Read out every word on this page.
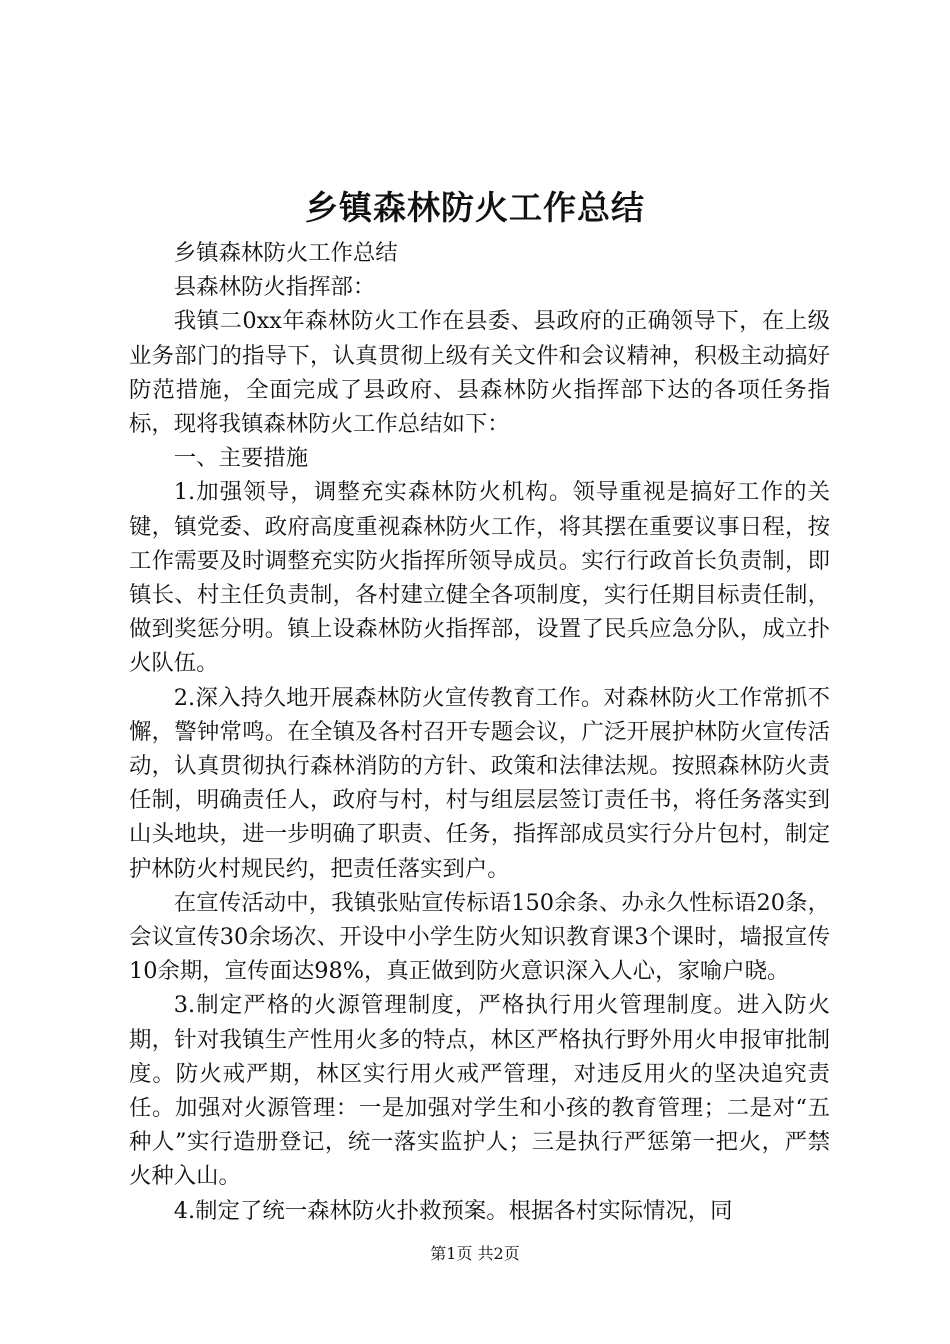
乡镇森林防火工作总结

乡镇森林防火工作总结

县森林防火指挥部：

我镇二0xx年森林防火工作在县委、县政府的正确领导下，在上级业务部门的指导下，认真贯彻上级有关文件和会议精神，积极主动搞好防范措施，全面完成了县政府、县森林防火指挥部下达的各项任务指标，现将我镇森林防火工作总结如下：

一、主要措施

1.加强领导，调整充实森林防火机构。领导重视是搞好工作的关键，镇党委、政府高度重视森林防火工作，将其摆在重要议事日程，按工作需要及时调整充实防火指挥所领导成员。实行行政首长负责制，即镇长、村主任负责制，各村建立健全各项制度，实行任期目标责任制，做到奖惩分明。镇上设森林防火指挥部，设置了民兵应急分队，成立扑火队伍。

2.深入持久地开展森林防火宣传教育工作。对森林防火工作常抓不懈，警钟常鸣。在全镇及各村召开专题会议，广泛开展护林防火宣传活动，认真贯彻执行森林消防的方针、政策和法律法规。按照森林防火责任制，明确责任人，政府与村，村与组层层签订责任书，将任务落实到山头地块，进一步明确了职责、任务，指挥部成员实行分片包村，制定护林防火村规民约，把责任落实到户。

在宣传活动中，我镇张贴宣传标语150余条、办永久性标语20条，会议宣传30余场次、开设中小学生防火知识教育课3个课时，墙报宣传10余期，宣传面达98%，真正做到防火意识深入人心，家喻户晓。

3.制定严格的火源管理制度，严格执行用火管理制度。进入防火期，针对我镇生产性用火多的特点，林区严格执行野外用火申报审批制度。防火戒严期，林区实行用火戒严管理，对违反用火的坚决追究责任。加强对火源管理：一是加强对学生和小孩的教育管理；二是对“五种人”实行造册登记，统一落实监护人；三是执行严惩第一把火，严禁火种入山。

4.制定了统一森林防火扑救预案。根据各村实际情况，同

第1页 共2页
